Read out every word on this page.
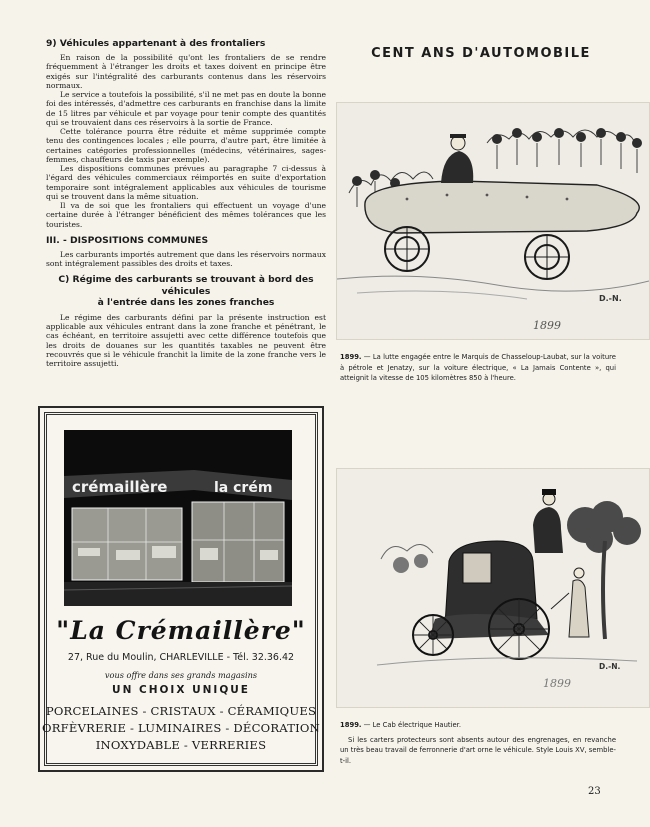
9) Véhicules appartenant à des frontaliers

En raison de la possibilité qu'ont les frontaliers de se rendre fréquemment à l'étranger les droits et taxes doivent en principe être exigés sur l'intégralité des carburants contenus dans les réservoirs normaux.

Le service a toutefois la possibilité, s'il ne met pas en doute la bonne foi des intéressés, d'admettre ces carburants en franchise dans la limite de 15 litres par véhicule et par voyage pour tenir compte des quantités qui se trouvaient dans ces réservoirs à la sortie de France.

Cette tolérance pourra être réduite et même supprimée compte tenu des contingences locales ; elle pourra, d'autre part, être limitée à certaines catégories professionnelles (médecins, vétérinaires, sages-femmes, chauffeurs de taxis par exemple).

Les dispositions communes prévues au paragraphe 7 ci-dessus à l'égard des véhicules commerciaux réimportés en suite d'exportation temporaire sont intégralement applicables aux véhicules de tourisme qui se trouvent dans la même situation.

Il va de soi que les frontaliers qui effectuent un voyage d'une certaine durée à l'étranger bénéficient des mêmes tolérances que les touristes.

III. - DISPOSITIONS COMMUNES

Les carburants importés autrement que dans les réservoirs normaux sont intégralement passibles des droits et taxes.

C) Régime des carburants se trouvant à bord des véhicules
à l'entrée dans les zones franches

Le régime des carburants défini par la présente instruction est applicable aux véhicules entrant dans la zone franche et pénétrant, le cas échéant, en territoire assujetti avec cette différence toutefois que les droits de douanes sur les quantités taxables ne peuvent être recouvrés que si le véhicule franchit la limite de la zone franche vers le territoire assujetti.

CENT ANS D'AUTOMOBILE
D.-N.
1899

1899. — La lutte engagée entre le Marquis de Chasseloup-Laubat, sur la voiture à pétrole et Jenatzy, sur la voiture électrique, « La Jamais Contente », qui atteignit la vitesse de 105 kilomètres 850 à l'heure.

D.-N.
1899

1899. — Le Cab électrique Hautier.

Si les carters protecteurs sont absents autour des engrenages, en revanche un très beau travail de ferronnerie d'art orne le véhicule. Style Louis XV, semble-t-il.

crémaillère	la crém
"La Crémaillère"
27, Rue du Moulin, CHARLEVILLE - Tél. 32.36.42
vous offre dans ses grands magasins
UN CHOIX UNIQUE
PORCELAINES - CRISTAUX - CÉRAMIQUES
ORFÈVRERIE - LUMINAIRES - DÉCORATION
INOXYDABLE - VERRERIES
23
